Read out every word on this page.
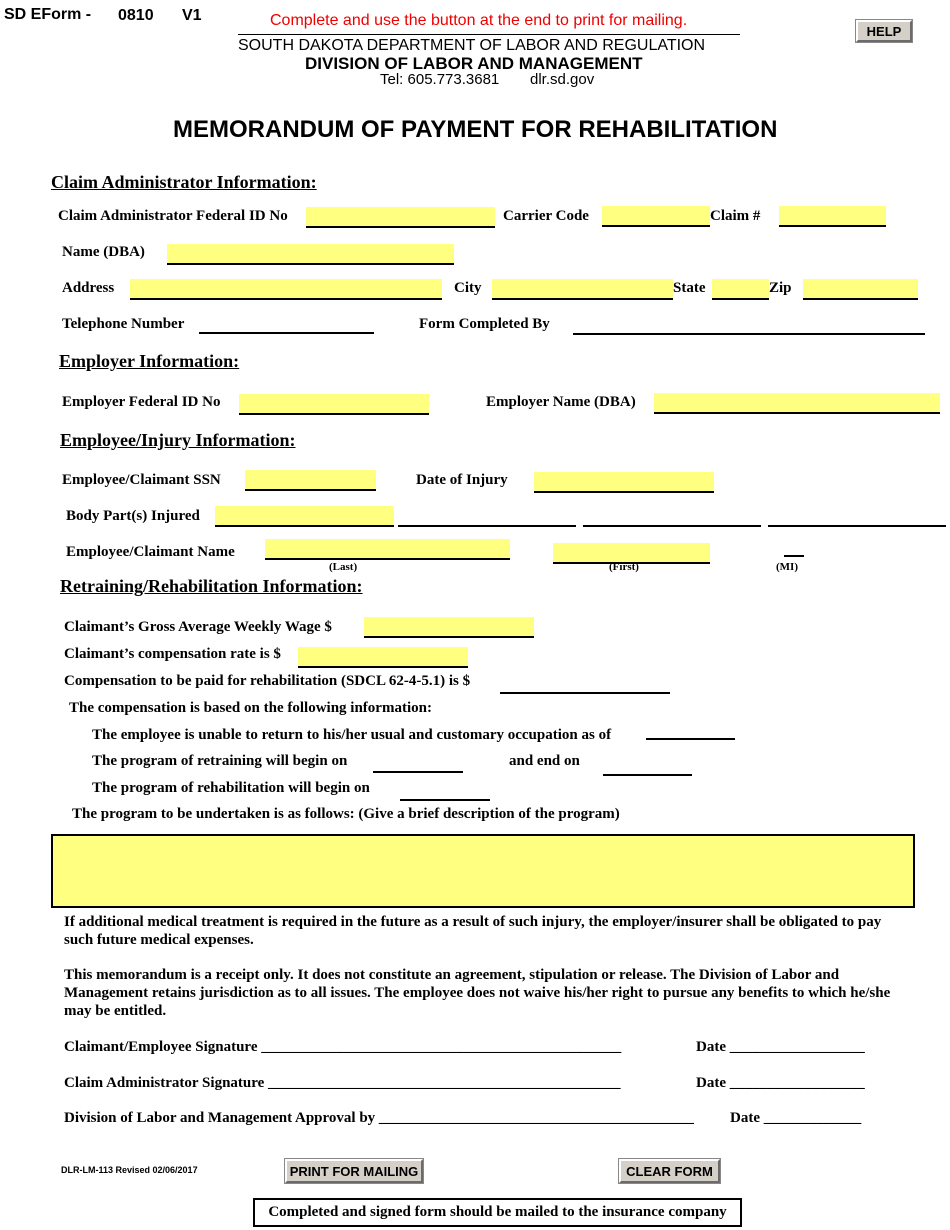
SD EForm - 0810 V1	Complete and use the button at the end to print for mailing.
HELP
SOUTH DAKOTA DEPARTMENT OF LABOR AND REGULATION
DIVISION OF LABOR AND MANAGEMENT
Tel: 605.773.3681 dlr.sd.gov
MEMORANDUM OF PAYMENT FOR REHABILITATION
Claim Administrator Information:
Claim Administrator Federal ID No	Carrier Code	Claim #
Name (DBA)
Address	City	State	Zip
Telephone Number	Form Completed By
Employer Information:
Employer Federal ID No	Employer Name (DBA)
Employee/Injury Information:
Employee/Claimant SSN	Date of Injury
Body Part(s) Injured
Employee/Claimant Name
(Last)	(First)	(MI)
Retraining/Rehabilitation Information:
Claimant’s Gross Average Weekly Wage $
Claimant’s compensation rate is $
Compensation to be paid for rehabilitation (SDCL 62-4-5.1) is $
The compensation is based on the following information:
The employee is unable to return to his/her usual and customary occupation as of
The program of retraining will begin on	and end on
The program of rehabilitation will begin on
The program to be undertaken is as follows: (Give a brief description of the program)
If additional medical treatment is required in the future as a result of such injury, the employer/insurer shall be obligated to pay such future medical expenses.
This memorandum is a receipt only. It does not constitute an agreement, stipulation or release. The Division of Labor and Management retains jurisdiction as to all issues. The employee does not waive his/her right to pursue any benefits to which he/she may be entitled.
Claimant/Employee Signature ________________________________________________	Date __________________
Claim Administrator Signature _______________________________________________	Date __________________
Division of Labor and Management Approval by __________________________________________ Date _____________
DLR-LM-113 Revised 02/06/2017	PRINT FOR MAILING	CLEAR FORM
Completed and signed form should be mailed to the insurance company
